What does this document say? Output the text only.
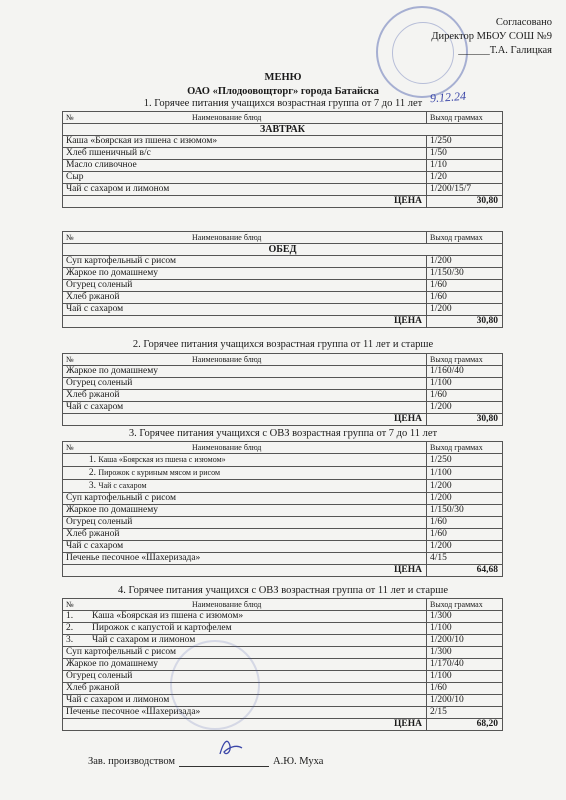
Согласовано
Директор МБОУ СОШ №9
______Т.А. Галицкая
9.12.24
МЕНЮ
ОАО «Плодоовощторг» города Батайска
1. Горячее питания учащихся возрастная группа от 7 до 11 лет
№ Наименование блюд	Выход граммах
ЗАВТРАК	
Каша «Боярская из пшена с изюмом»	1/250
Хлеб пшеничный в/с	1/50
Масло сливочное	1/10
Сыр	1/20
Чай с сахаром и лимоном	1/200/15/7
ЦЕНА	30,80
№ Наименование блюд	Выход граммах
ОБЕД	
Суп картофельный с рисом	1/200
Жаркое по домашнему	1/150/30
Огурец соленый	1/60
Хлеб ржаной	1/60
Чай с сахаром	1/200
ЦЕНА	30,80
2. Горячее питания учащихся возрастная группа от 11 лет и старше
№ Наименование блюд	Выход граммах
Жаркое по домашнему	1/160/40
Огурец соленый	1/100
Хлеб ржаной	1/60
Чай с сахаром	1/200
ЦЕНА	30,80
3. Горячее питания учащихся с ОВЗ возрастная группа от 7 до 11 лет
№ Наименование блюд	Выход граммах
1. Каша «Боярская из пшена с изюмом»	1/250
2. Пирожок с куриным мясом и рисом	1/100
3. Чай с сахаром	1/200
Суп картофельный с рисом	1/200
Жаркое по домашнему	1/150/30
Огурец соленый	1/60
Хлеб ржаной	1/60
Чай с сахаром	1/200
Печенье песочное «Шахеризада»	4/15
ЦЕНА	64,68
4. Горячее питания учащихся с ОВЗ возрастная группа от 11 лет и старше
№ Наименование блюд	Выход граммах
1. Каша «Боярская из пшена с изюмом»	1/300
2. Пирожок с капустой и картофелем	1/100
3. Чай с сахаром и лимоном	1/200/10
Суп картофельный с рисом	1/300
Жаркое по домашнему	1/170/40
Огурец соленый	1/100
Хлеб ржаной	1/60
Чай с сахаром и лимоном	1/200/10
Печенье песочное «Шахеризада»	2/15
ЦЕНА	68,20
Зав. производством	А.Ю. Муха
